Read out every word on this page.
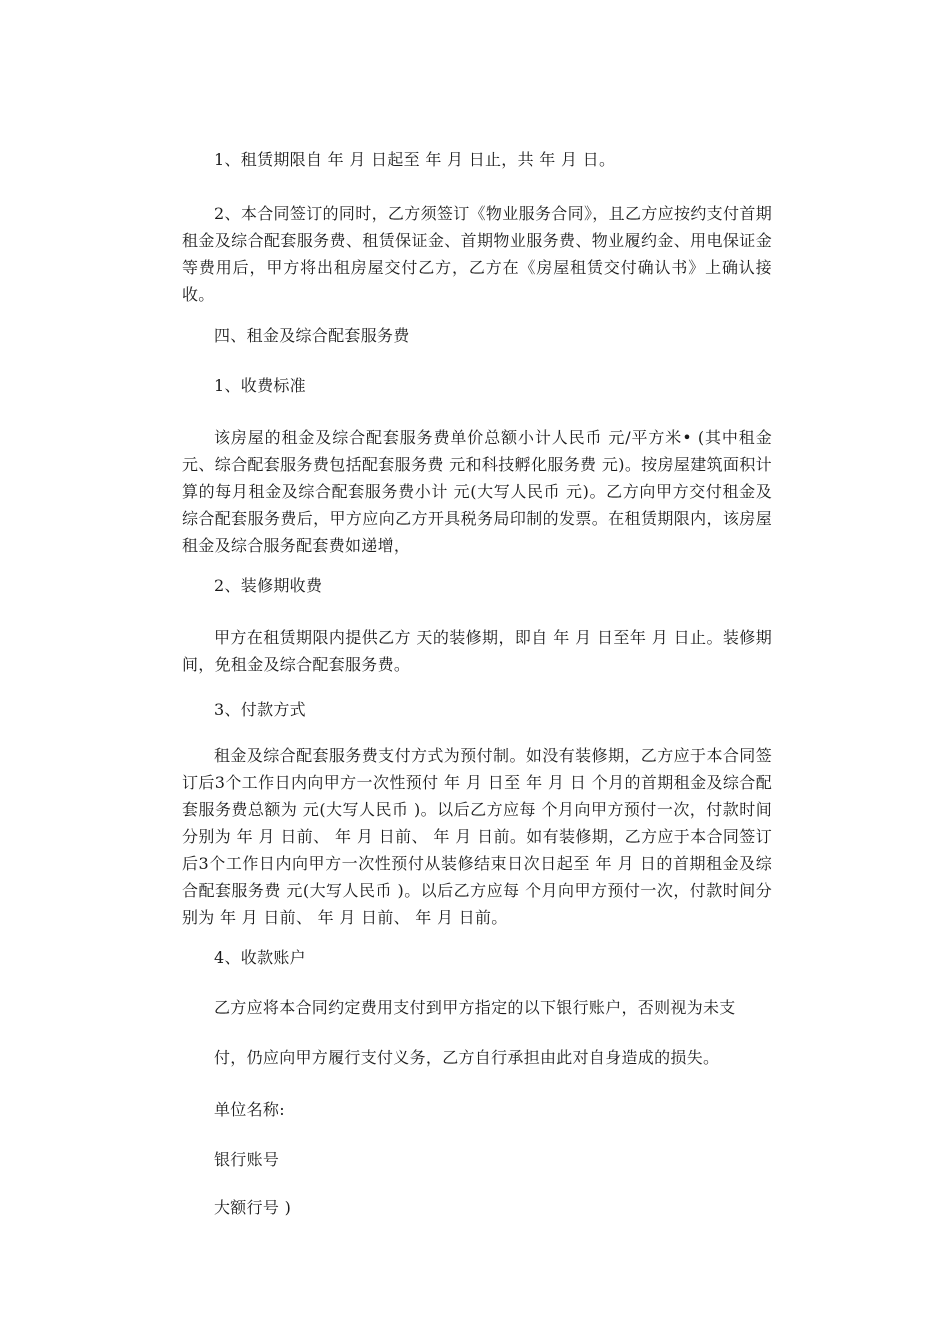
1、租赁期限自 年 月 日起至 年 月 日止，共 年 月 日。
2、本合同签订的同时，乙方须签订《物业服务合同》，且乙方应按约支付首期租金及综合配套服务费、租赁保证金、首期物业服务费、物业履约金、用电保证金等费用后，甲方将出租房屋交付乙方，乙方在《房屋租赁交付确认书》上确认接收。
四、租金及综合配套服务费
1、收费标准
该房屋的租金及综合配套服务费单价总额小计人民币 元/平方米• (其中租金 元、综合配套服务费包括配套服务费 元和科技孵化服务费 元)。按房屋建筑面积计算的每月租金及综合配套服务费小计 元(大写人民币 元)。乙方向甲方交付租金及综合配套服务费后，甲方应向乙方开具税务局印制的发票。在租赁期限内，该房屋租金及综合服务配套费如递增，
2、装修期收费
甲方在租赁期限内提供乙方 天的装修期，即自 年 月 日至年 月 日止。装修期间，免租金及综合配套服务费。
3、付款方式
租金及综合配套服务费支付方式为预付制。如没有装修期，乙方应于本合同签订后3个工作日内向甲方一次性预付 年 月 日至 年 月 日 个月的首期租金及综合配套服务费总额为 元(大写人民币 )。以后乙方应每 个月向甲方预付一次，付款时间分别为 年 月 日前、 年 月 日前、 年 月 日前。如有装修期，乙方应于本合同签订后3个工作日内向甲方一次性预付从装修结束日次日起至 年 月 日的首期租金及综合配套服务费 元(大写人民币 )。以后乙方应每 个月向甲方预付一次，付款时间分别为 年 月 日前、 年 月 日前、 年 月 日前。
4、收款账户
乙方应将本合同约定费用支付到甲方指定的以下银行账户，否则视为未支
付，仍应向甲方履行支付义务，乙方自行承担由此对自身造成的损失。
单位名称:
银行账号
大额行号 )
